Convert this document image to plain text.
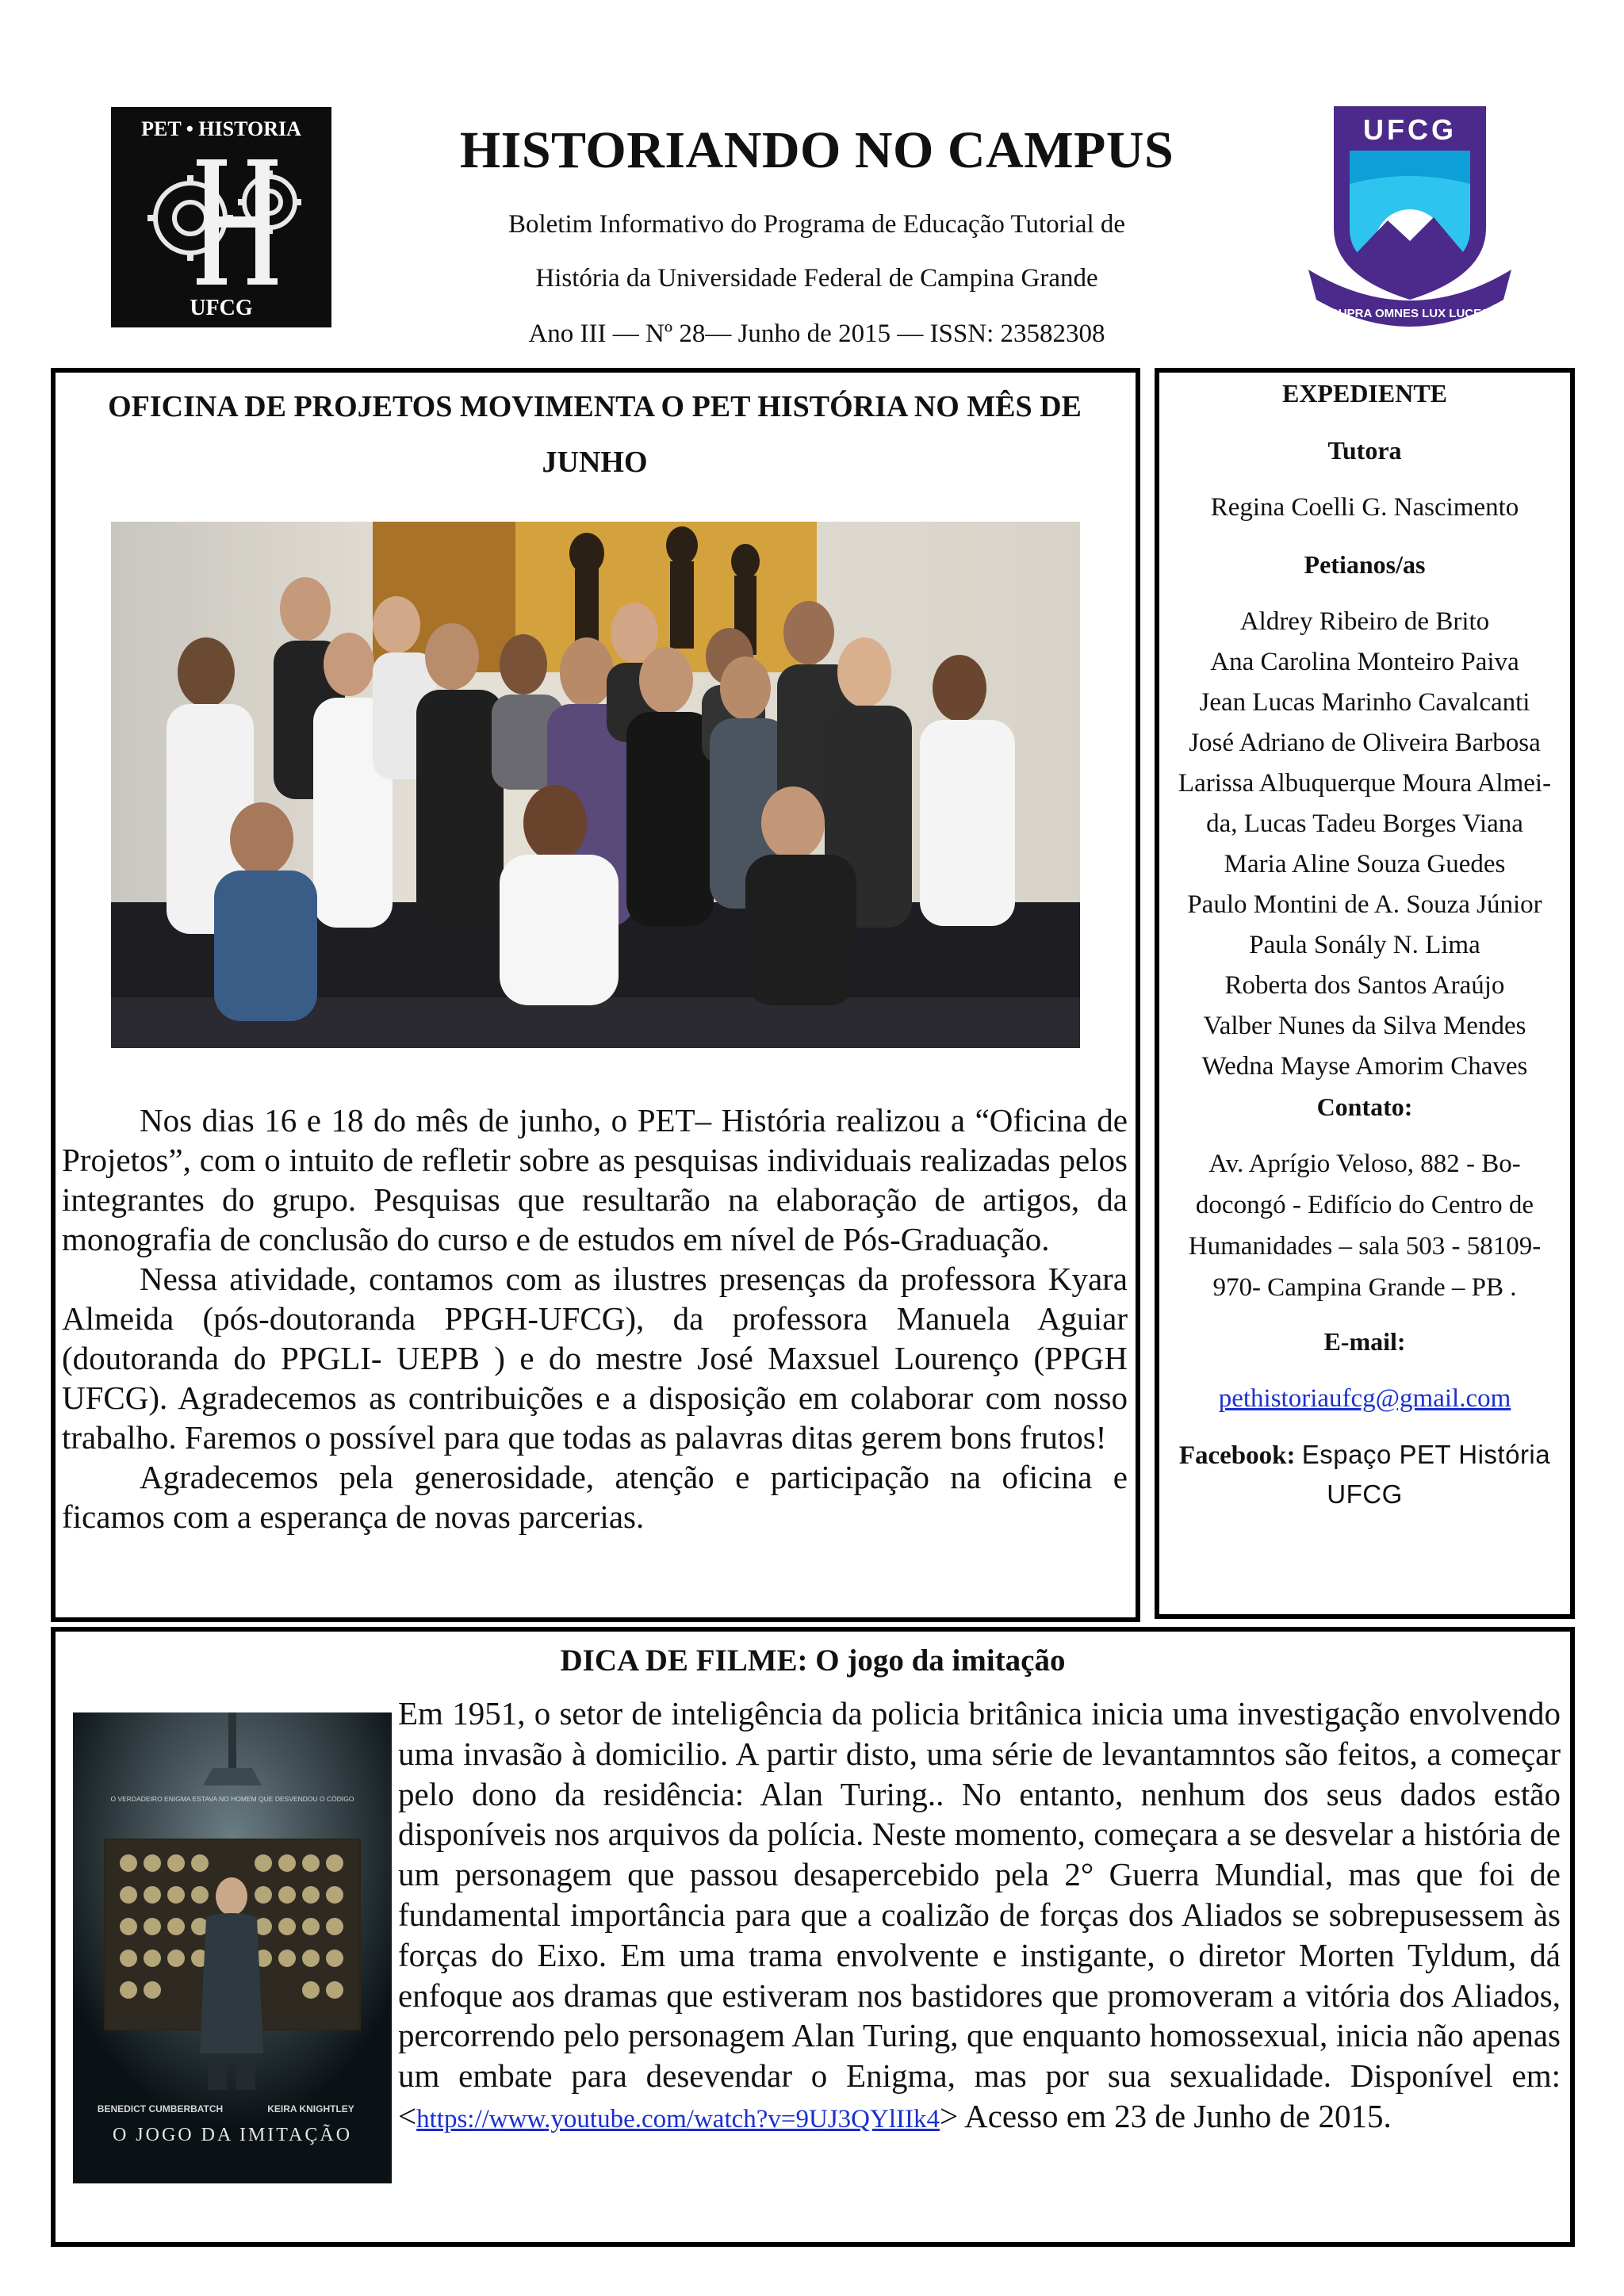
PET • HISTORIA
UFCG
HISTORIANDO NO CAMPUS
Boletim Informativo do Programa de Educação Tutorial de
História da Universidade Federal de Campina Grande
Ano III — Nº 28— Junho de 2015 — ISSN: 23582308
UFCG
SUPRA OMNES LUX LUCES
OFICINA DE PROJETOS MOVIMENTA O PET HISTÓRIA NO MÊS DE JUNHO
Nos dias 16 e 18 do mês de junho, o PET– História realizou a “Oficina de Projetos”, com o intuito de refletir sobre as pesquisas individuais realizadas pelos integrantes do grupo. Pesquisas que resultarão na elaboração de artigos, da monografia de conclusão do curso e de estudos em nível de Pós-Graduação.
Nessa atividade, contamos com as ilustres presenças da professora Kyara Almeida (pós-doutoranda PPGH-UFCG), da professora Manuela Aguiar (doutoranda do PPGLI- UEPB ) e do mestre José Maxsuel Lourenço (PPGH UFCG). Agradecemos as contribuições e a disposição em colaborar com nosso trabalho. Faremos o possível para que todas as palavras ditas gerem bons frutos!
Agradecemos pela generosidade, atenção e participação na oficina e ficamos com a esperança de novas parcerias.
EXPEDIENTE
Tutora
Regina Coelli G. Nascimento
Petianos/as
Aldrey Ribeiro de Brito
Ana Carolina Monteiro Paiva
Jean Lucas Marinho Cavalcanti
José Adriano de Oliveira Barbosa
Larissa Albuquerque Moura Almei-
da, Lucas Tadeu Borges Viana
Maria Aline Souza Guedes
Paulo Montini de A. Souza Júnior
Paula Sonály N. Lima
Roberta dos Santos Araújo
Valber Nunes da Silva Mendes
Wedna Mayse Amorim Chaves
Contato:
Av. Aprígio Veloso, 882 - Bo-
docongó - Edifício do Centro de
Humanidades – sala 503 - 58109-
970- Campina Grande – PB .
E-mail:
pethistoriaufcg@gmail.com
Facebook: Espaço PET História
UFCG
DICA DE FILME: O jogo da imitação
O VERDADEIRO ENIGMA ESTAVA NO HOMEM QUE DESVENDOU O CÓDIGO
BENEDICT CUMBERBATCH	KEIRA KNIGHTLEY
O JOGO DA IMITAÇÃO
Em 1951, o setor de inteligência da policia britânica inicia uma investigação envolvendo uma invasão à domicilio. A partir disto, uma série de levantamntos são feitos, a começar pelo dono da residência: Alan Turing.. No entanto, nenhum dos seus dados estão disponíveis nos arquivos da polícia. Neste momento, começara a se desvelar a história de um personagem que passou desapercebido pela 2° Guerra Mundial, mas que foi de fundamental importância para que a coalizão de forças dos Aliados se sobrepusessem às forças do Eixo. Em uma trama envolvente e instigante, o diretor Morten Tyldum, dá enfoque aos dramas que estiveram nos bastidores que promoveram a vitória dos Aliados, percorrendo pelo personagem Alan Turing, que enquanto homossexual, inicia não apenas um embate para desevendar o Enigma, mas por sua sexualidade. Disponível em: <https://www.youtube.com/watch?v=9UJ3QYlIIk4> Acesso em 23 de Junho de 2015.
